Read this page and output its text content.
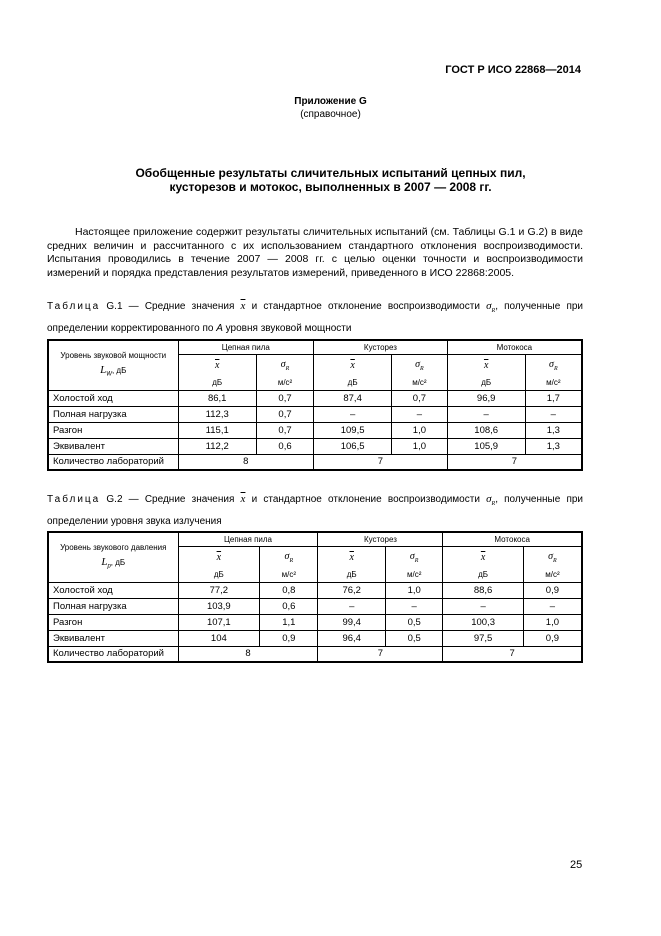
ГОСТ Р ИСО 22868—2014
Приложение G
(справочное)
Обобщенные результаты сличительных испытаний цепных пил,
кусторезов и мотокос, выполненных в 2007 — 2008 гг.
Настоящее приложение содержит результаты сличительных испытаний (см. Таблицы G.1 и G.2) в виде средних величин и рассчитанного с их использованием стандартного отклонения воспроизводимости. Испытания проводились в течение 2007 — 2008 гг. с целью оценки точности и воспроизводимости измерений и порядка представления результатов измерений, приведенного в ИСО 22868:2005.
Таблица G.1 — Средние значения $\overline{x}$ и стандартное отклонение воспроизводимости $\sigma_R$, полученные при определении корректированного по A уровня звуковой мощности
Уровень звуковой мощности
$L_W$, дБ	Цепная пила		Кусторез		Мотокоса	
	$\overline{x}$	$\sigma_R$	$\overline{x}$	$\sigma_R$	$\overline{x}$	$\sigma_R$
	дБ	м/с²	дБ	м/с²	дБ	м/с²
Холостой ход	86,1	0,7	87,4	0,7	96,9	1,7
Полная нагрузка	112,3	0,7	–	–	–	–
Разгон	115,1	0,7	109,5	1,0	108,6	1,3
Эквивалент	112,2	0,6	106,5	1,0	105,9	1,3
Количество лабораторий	8		7		7	
Таблица G.2 — Средние значения $\overline{x}$ и стандартное отклонение воспроизводимости $\sigma_R$, полученные при определении уровня звука излучения
Уровень звукового давления
$L_p$, дБ	Цепная пила		Кусторез		Мотокоса	
	$\overline{x}$	$\sigma_R$	$\overline{x}$	$\sigma_R$	$\overline{x}$	$\sigma_R$
	дБ	м/с²	дБ	м/с²	дБ	м/с²
Холостой ход	77,2	0,8	76,2	1,0	88,6	0,9
Полная нагрузка	103,9	0,6	–	–	–	–
Разгон	107,1	1,1	99,4	0,5	100,3	1,0
Эквивалент	104	0,9	96,4	0,5	97,5	0,9
Количество лабораторий	8		7		7	
25
